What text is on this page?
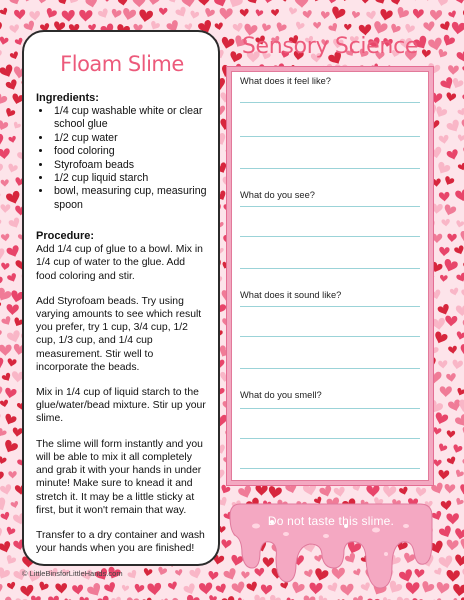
Floam Slime

Ingredients:

• 1/4 cup washable white or clear school glue
• 1/2 cup water
• food coloring
• Styrofoam beads
• 1/2 cup liquid starch
• bowl, measuring cup, measuring spoon

Procedure:

Add 1/4 cup of glue to a bowl. Mix in 1/4 cup of water to the glue. Add food coloring and stir.

Add Styrofoam beads. Try using varying amounts to see which result you prefer, try 1 cup, 3/4 cup, 1/2 cup, 1/3 cup, and 1/4 cup measurement. Stir well to incorporate the beads.

Mix in 1/4 cup of liquid starch to the glue/water/bead mixture. Stir up your slime.

The slime will form instantly and you will be able to mix it all completely and grab it with your hands in under minute! Make sure to knead it and stretch it. It may be a little sticky at first, but it won't remain that way.

Transfer to a dry container and wash your hands when you are finished!

Sensory Science
What does it feel like?
What do you see?
What does it sound like?
What do you smell?
Do not taste this slime.
© LittleBinsforLittleHands.com
